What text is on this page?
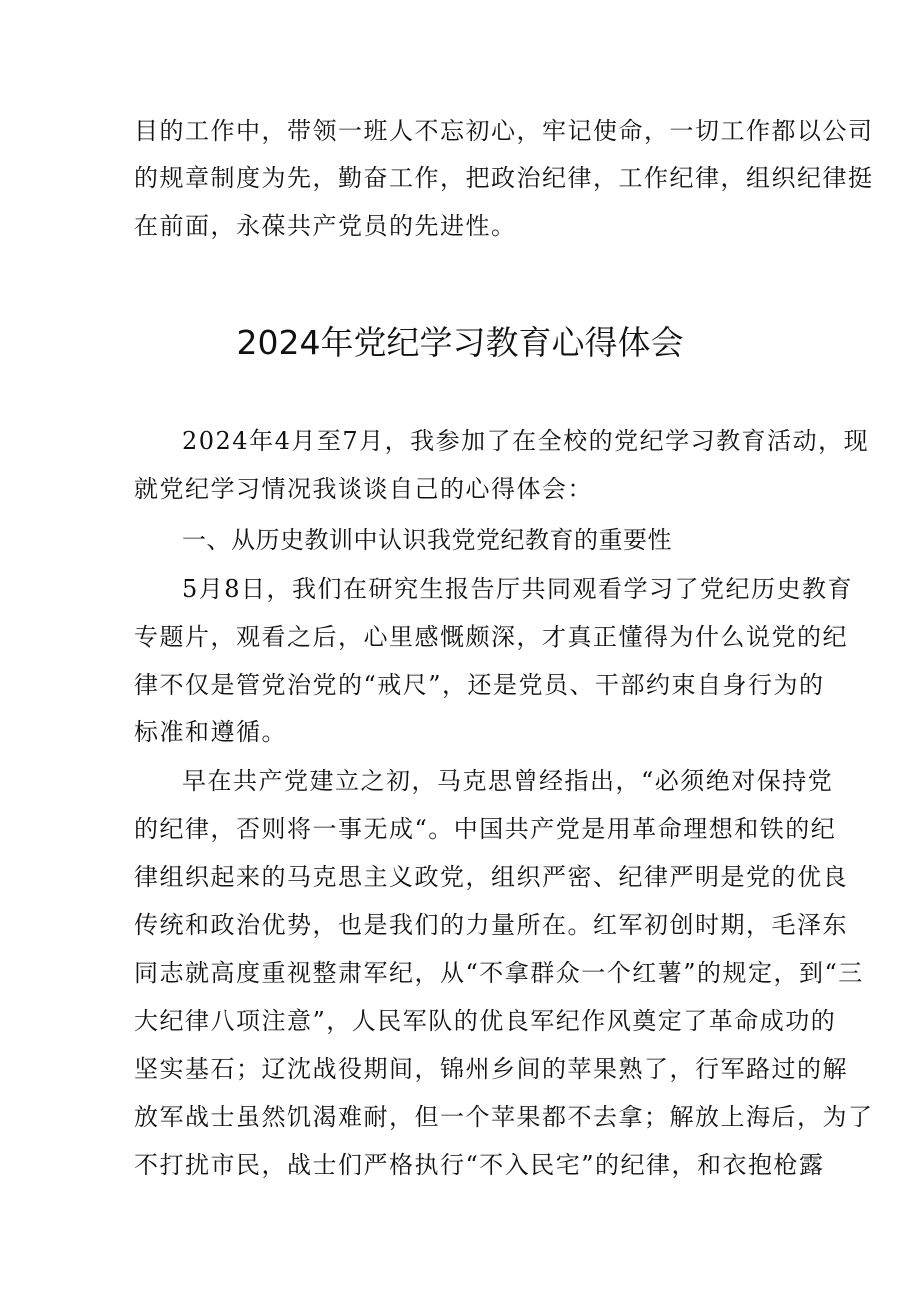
目的工作中，带领一班人不忘初心，牢记使命，一切工作都以公司
的规章制度为先，勤奋工作，把政治纪律，工作纪律，组织纪律挺
在前面，永葆共产党员的先进性。
2024年党纪学习教育心得体会
2024年4月至7月，我参加了在全校的党纪学习教育活动，现
就党纪学习情况我谈谈自己的心得体会：
一、从历史教训中认识我党党纪教育的重要性
5月8日，我们在研究生报告厅共同观看学习了党纪历史教育
专题片，观看之后，心里感慨颇深，才真正懂得为什么说党的纪
律不仅是管党治党的“戒尺”，还是党员、干部约束自身行为的
标准和遵循。
早在共产党建立之初，马克思曾经指出，“必须绝对保持党
的纪律，否则将一事无成“。中国共产党是用革命理想和铁的纪
律组织起来的马克思主义政党，组织严密、纪律严明是党的优良
传统和政治优势，也是我们的力量所在。红军初创时期，毛泽东
同志就高度重视整肃军纪，从“不拿群众一个红薯”的规定，到“三
大纪律八项注意”，人民军队的优良军纪作风奠定了革命成功的
坚实基石；辽沈战役期间，锦州乡间的苹果熟了，行军路过的解
放军战士虽然饥渴难耐，但一个苹果都不去拿；解放上海后，为了
不打扰市民，战士们严格执行“不入民宅”的纪律，和衣抱枪露
